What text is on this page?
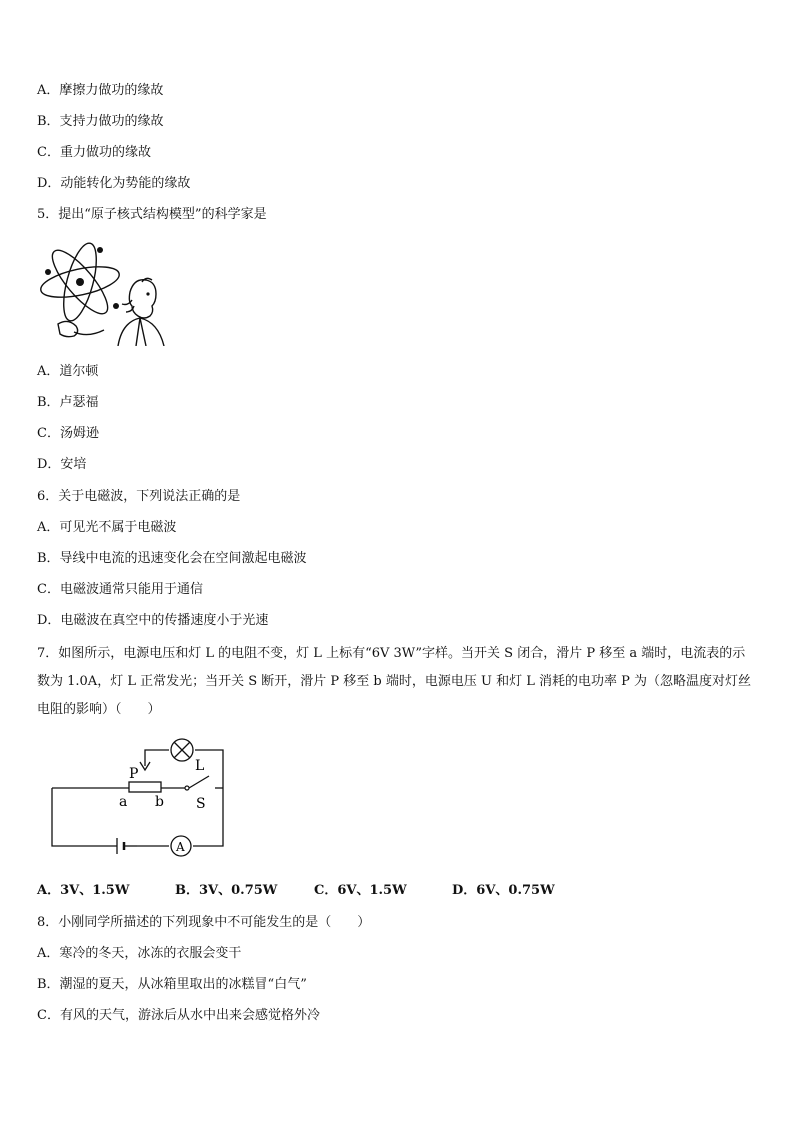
A．摩擦力做功的缘故
B．支持力做功的缘故
C．重力做功的缘故
D．动能转化为势能的缘故
5．提出“原子核式结构模型”的科学家是
A．道尔顿
B．卢瑟福
C．汤姆逊
D．安培
6．关于电磁波，下列说法正确的是
A．可见光不属于电磁波
B．导线中电流的迅速变化会在空间激起电磁波
C．电磁波通常只能用于通信
D．电磁波在真空中的传播速度小于光速
7．如图所示，电源电压和灯 L 的电阻不变，灯 L 上标有“6V 3W”字样。当开关 S 闭合，滑片 P 移至 a 端时，电流表的示数为 1.0A，灯 L 正常发光；当开关 S 断开，滑片 P 移至 b 端时，电源电压 U 和灯 L 消耗的电功率 P 为（忽略温度对灯丝电阻的影响）（　　）
P	L
a b S
A
A．3V、1.5W	B．3V、0.75W	C．6V、1.5W	D．6V、0.75W
8．小刚同学所描述的下列现象中不可能发生的是（　　）
A．寒冷的冬天，冰冻的衣服会变干
B．潮湿的夏天，从冰箱里取出的冰糕冒“白气”
C．有风的天气，游泳后从水中出来会感觉格外冷
